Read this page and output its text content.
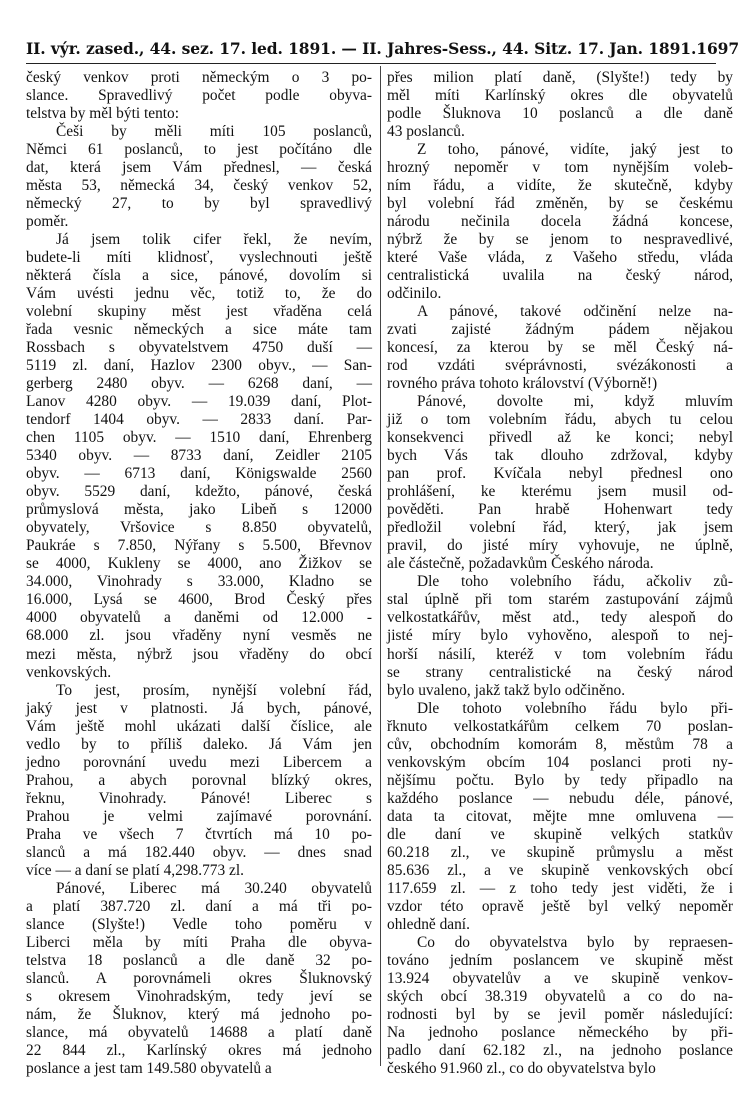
II. výr. zased., 44. sez. 17. led. 1891. — II. Jahres-Sess., 44. Sitz. 17. Jan. 1891. 1697
český venkov proti německým o 3 po-
slance. Spravedlivý počet podle obyva-
telstva by měl býti tento:
Češi by měli míti 105 poslanců,
Němci 61 poslanců, to jest počítáno dle
dat, která jsem Vám přednesl, — česká
města 53, německá 34, český venkov 52,
německý 27, to by byl spravedlivý
poměr.
Já jsem tolik cifer řekl, že nevím,
budete-li míti klidnosť, vyslechnouti ještě
některá čísla a sice, pánové, dovolím si
Vám uvésti jednu věc, totiž to, že do
volební skupiny měst jest vřaděna celá
řada vesnic německých a sice máte tam
Rossbach s obyvatelstvem 4750 duší —
5119 zl. daní, Hazlov 2300 obyv., — San-
gerberg 2480 obyv. — 6268 daní, —
Lanov 4280 obyv. — 19.039 daní, Plot-
tendorf 1404 obyv. — 2833 daní. Par-
chen 1105 obyv. — 1510 daní, Ehrenberg
5340 obyv. — 8733 daní, Zeidler 2105
obyv. — 6713 daní, Königswalde 2560
obyv. 5529 daní, kdežto, pánové, česká
průmyslová města, jako Libeň s 12000
obyvately, Vršovice s 8.850 obyvatelů,
Paukráe s 7.850, Nýřany s 5.500, Břevnov
se 4000, Kukleny se 4000, ano Žižkov se
34.000, Vinohrady s 33.000, Kladno se
16.000, Lysá se 4600, Brod Český přes
4000 obyvatelů a daněmi od 12.000 -
68.000 zl. jsou vřaděny nyní vesměs ne
mezi města, nýbrž jsou vřaděny do obcí
venkovských.
To jest, prosím, nynější volební řád,
jaký jest v platnosti. Já bych, pánové,
Vám ještě mohl ukázati další číslice, ale
vedlo by to příliš daleko. Já Vám jen
jedno porovnání uvedu mezi Libercem a
Prahou, a abych porovnal blízký okres,
řeknu, Vinohrady. Pánové! Liberec s
Prahou je velmi zajímavé porovnání.
Praha ve všech 7 čtvrtích má 10 po-
slanců a má 182.440 obyv. — dnes snad
více — a daní se platí 4,298.773 zl.
Pánové, Liberec má 30.240 obyvatelů
a platí 387.720 zl. daní a má tři po-
slance (Slyšte!) Vedle toho poměru v
Liberci měla by míti Praha dle obyva-
telstva 18 poslanců a dle daně 32 po-
slanců. A porovnámeli okres Šluknovský
s okresem Vinohradským, tedy jeví se
nám, že Šluknov, který má jednoho po-
slance, má obyvatelů 14688 a platí daně
22 844 zl., Karlínský okres má jednoho
poslance a jest tam 149.580 obyvatelů a
přes milion platí daně, (Slyšte!) tedy by
měl míti Karlínský okres dle obyvatelů
podle Šluknova 10 poslanců a dle daně
43 poslanců.
Z toho, pánové, vidíte, jaký jest to
hrozný nepoměr v tom nynějším voleb-
ním řádu, a vidíte, že skutečně, kdyby
byl volební řád změněn, by se českému
národu nečinila docela žádná koncese,
nýbrž že by se jenom to nespravedlivé,
které Vaše vláda, z Vašeho středu, vláda
centralistická uvalila na český národ,
odčinilo.
A pánové, takové odčinění nelze na-
zvati zajisté žádným pádem nějakou
koncesí, za kterou by se měl Český ná-
rod vzdáti svéprávnosti, svézákonosti a
rovného práva tohoto království (Výborně!)
Pánové, dovolte mi, když mluvím
již o tom volebním řádu, abych tu celou
konsekvenci přivedl až ke konci; nebyl
bych Vás tak dlouho zdržoval, kdyby
pan prof. Kvíčala nebyl přednesl ono
prohlášení, ke kterému jsem musil od-
pověděti. Pan hrabě Hohenwart tedy
předložil volební řád, který, jak jsem
pravil, do jisté míry vyhovuje, ne úplně,
ale částečně, požadavkům Českého národa.
Dle toho volebního řádu, ačkoliv zů-
stal úplně při tom starém zastupování zájmů
velkostatkářův, měst atd., tedy alespoň do
jisté míry bylo vyhověno, alespoň to nej-
horší násilí, kteréž v tom volebním řádu
se strany centralistické na český národ
bylo uvaleno, jakž takž bylo odčiněno.
Dle tohoto volebního řádu bylo při-
řknuto velkostatkářům celkem 70 poslan-
cův, obchodním komorám 8, městům 78 a
venkovským obcím 104 poslanci proti ny-
nějšímu počtu. Bylo by tedy připadlo na
každého poslance — nebudu déle, pánové,
data ta citovat, mějte mne omluvena —
dle daní ve skupině velkých statkův
60.218 zl., ve skupině průmyslu a měst
85.636 zl., a ve skupině venkovských obcí
117.659 zl. — z toho tedy jest viděti, že i
vzdor této opravě ještě byl velký nepoměr
ohledně daní.
Co do obyvatelstva bylo by repraesen-
továno jedním poslancem ve skupině měst
13.924 obyvatelův a ve skupině venkov-
ských obcí 38.319 obyvatelů a co do na-
rodnosti byl by se jevil poměr následující:
Na jednoho poslance německého by při-
padlo daní 62.182 zl., na jednoho poslance
českého 91.960 zl., co do obyvatelstva bylo
